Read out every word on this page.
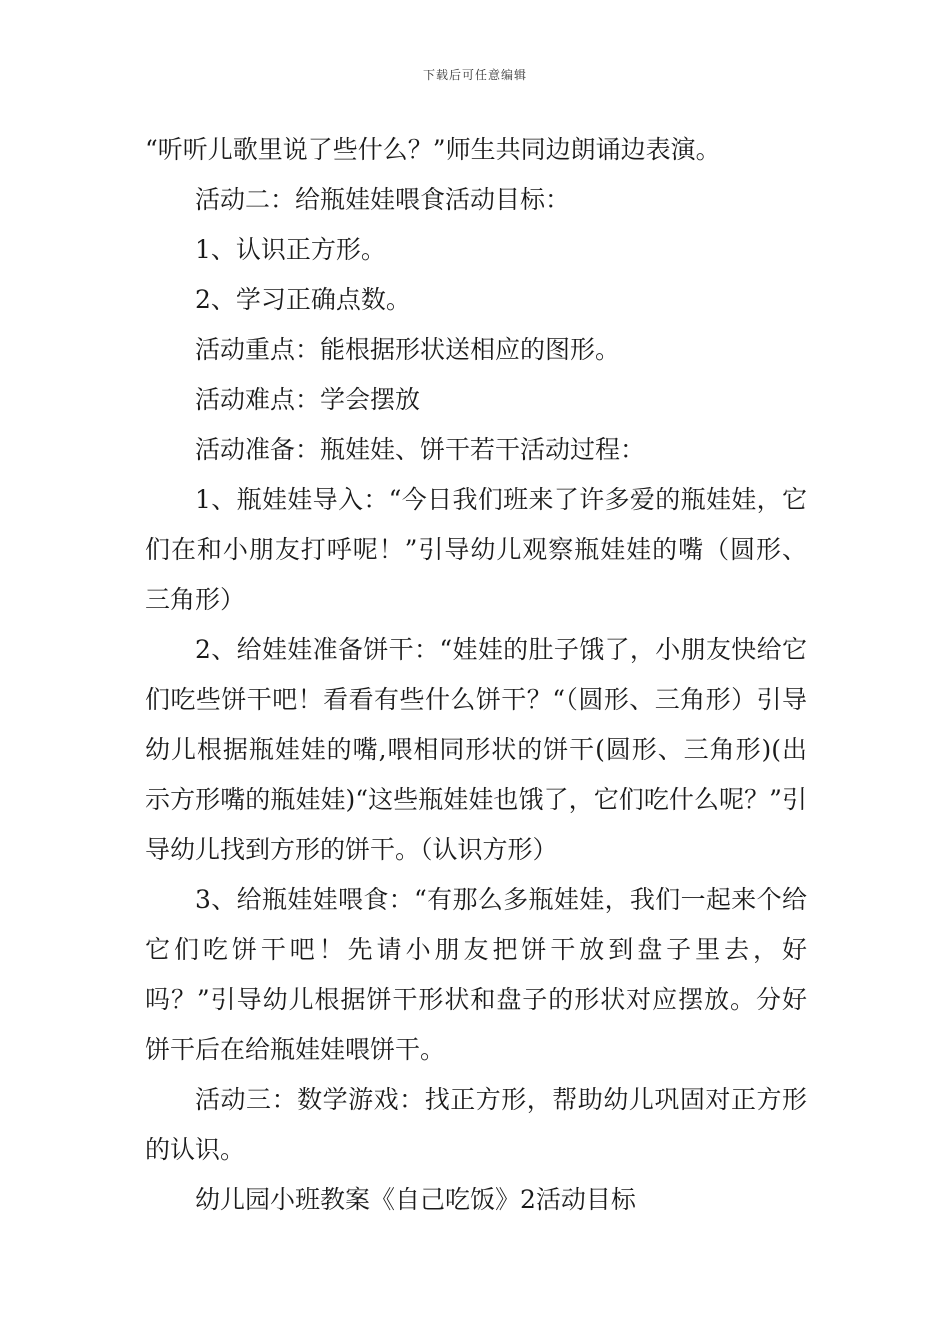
下载后可任意编辑

“听听儿歌里说了些什么？”师生共同边朗诵边表演。

活动二：给瓶娃娃喂食活动目标：

1、认识正方形。

2、学习正确点数。

活动重点：能根据形状送相应的图形。

活动难点：学会摆放

活动准备：瓶娃娃、饼干若干活动过程：

1、瓶娃娃导入：“今日我们班来了许多爱的瓶娃娃，它们在和小朋友打呼呢！”引导幼儿观察瓶娃娃的嘴（圆形、三角形）

2、给娃娃准备饼干：“娃娃的肚子饿了，小朋友快给它们吃些饼干吧！看看有些什么饼干？“（圆形、三角形）引导幼儿根据瓶娃娃的嘴,喂相同形状的饼干(圆形、三角形)(出示方形嘴的瓶娃娃)“这些瓶娃娃也饿了，它们吃什么呢？”引导幼儿找到方形的饼干。（认识方形）

3、给瓶娃娃喂食：“有那么多瓶娃娃，我们一起来个给它们吃饼干吧！先请小朋友把饼干放到盘子里去，好吗？”引导幼儿根据饼干形状和盘子的形状对应摆放。分好饼干后在给瓶娃娃喂饼干。

活动三：数学游戏：找正方形，帮助幼儿巩固对正方形的认识。

幼儿园小班教案《自己吃饭》2活动目标
